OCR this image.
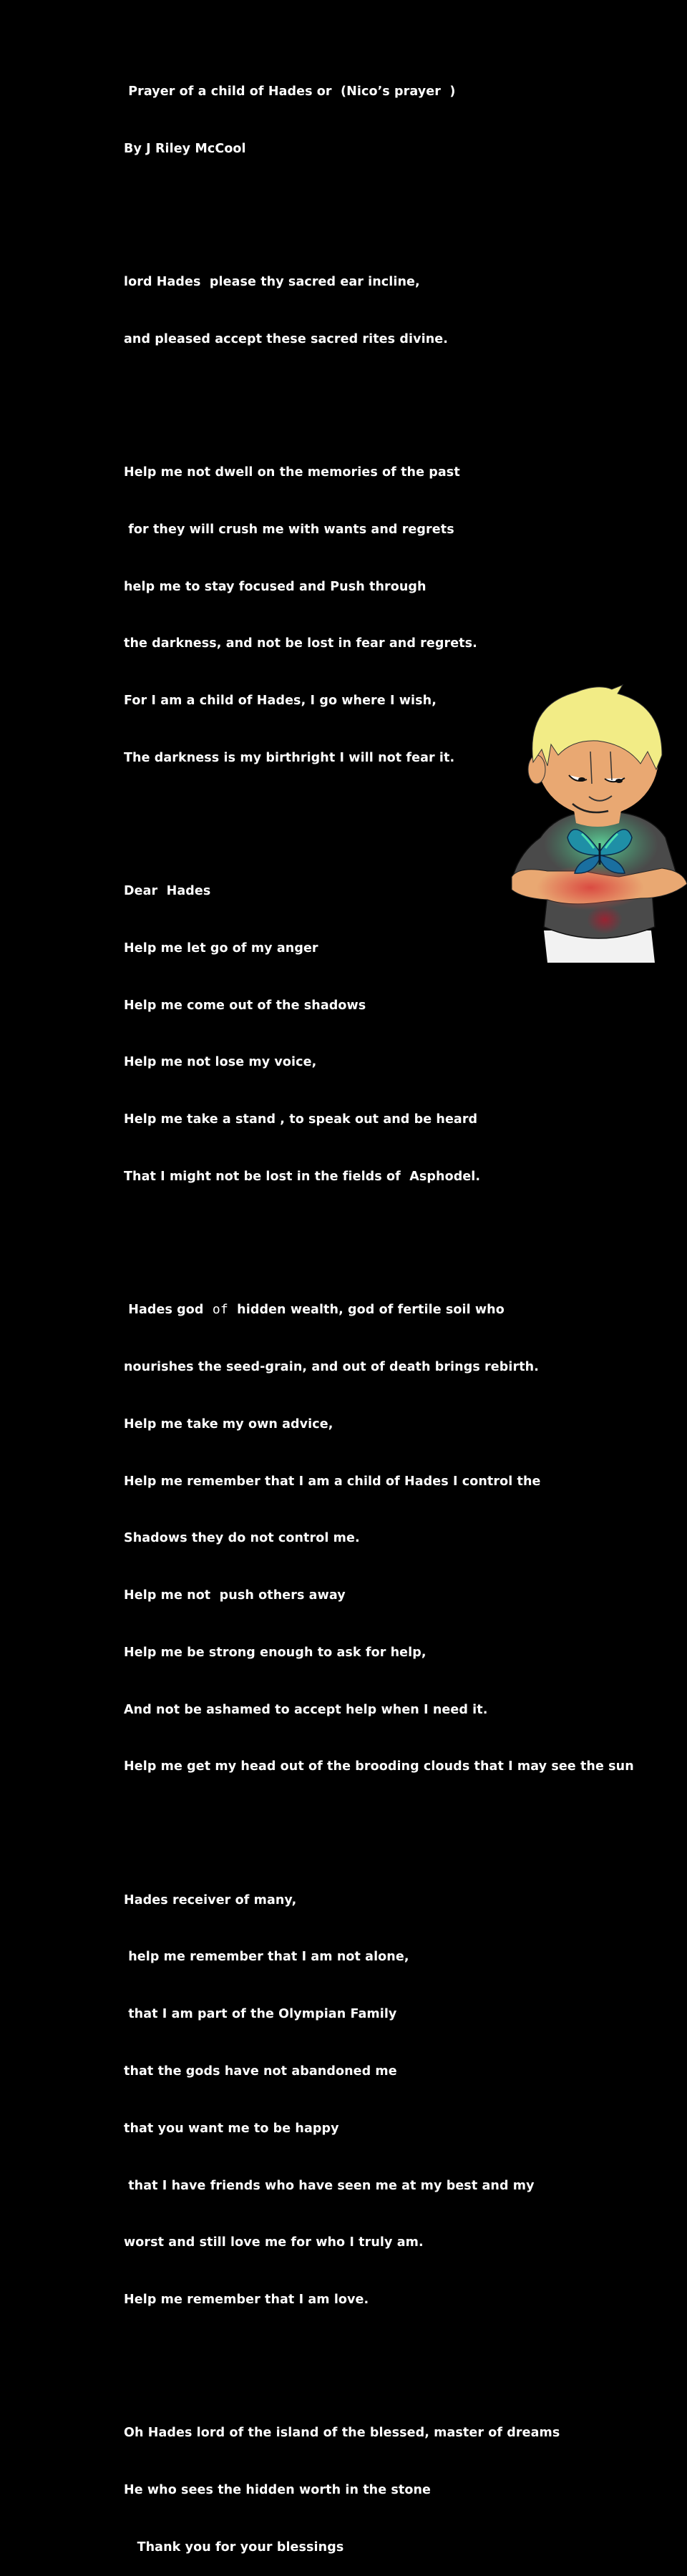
Prayer of a child of Hades or  (Nico’s prayer  )

By J Riley McCool

lord Hades  please thy sacred ear incline,

and pleased accept these sacred rites divine.

Help me not dwell on the memories of the past

for they will crush me with wants and regrets

help me to stay focused and Push through

the darkness, and not be lost in fear and regrets.

For I am a child of Hades, I go where I wish,

The darkness is my birthright I will not fear it.

Dear  Hades

Help me let go of my anger

Help me come out of the shadows

Help me not lose my voice,

Help me take a stand , to speak out and be heard

That I might not be lost in the fields of  Asphodel.

Hades god  of  hidden wealth, god of fertile soil who

nourishes the seed-grain, and out of death brings rebirth.

Help me take my own advice,

Help me remember that I am a child of Hades I control the

Shadows they do not control me.

Help me not  push others away

Help me be strong enough to ask for help,

And not be ashamed to accept help when I need it.

Help me get my head out of the brooding clouds that I may see the sun

Hades receiver of many,

help me remember that I am not alone,

that I am part of the Olympian Family

that the gods have not abandoned me

that you want me to be happy

that I have friends who have seen me at my best and my

worst and still love me for who I truly am.

Help me remember that I am love.

Oh Hades lord of the island of the blessed, master of dreams

He who sees the hidden worth in the stone

Thank you for your blessings
